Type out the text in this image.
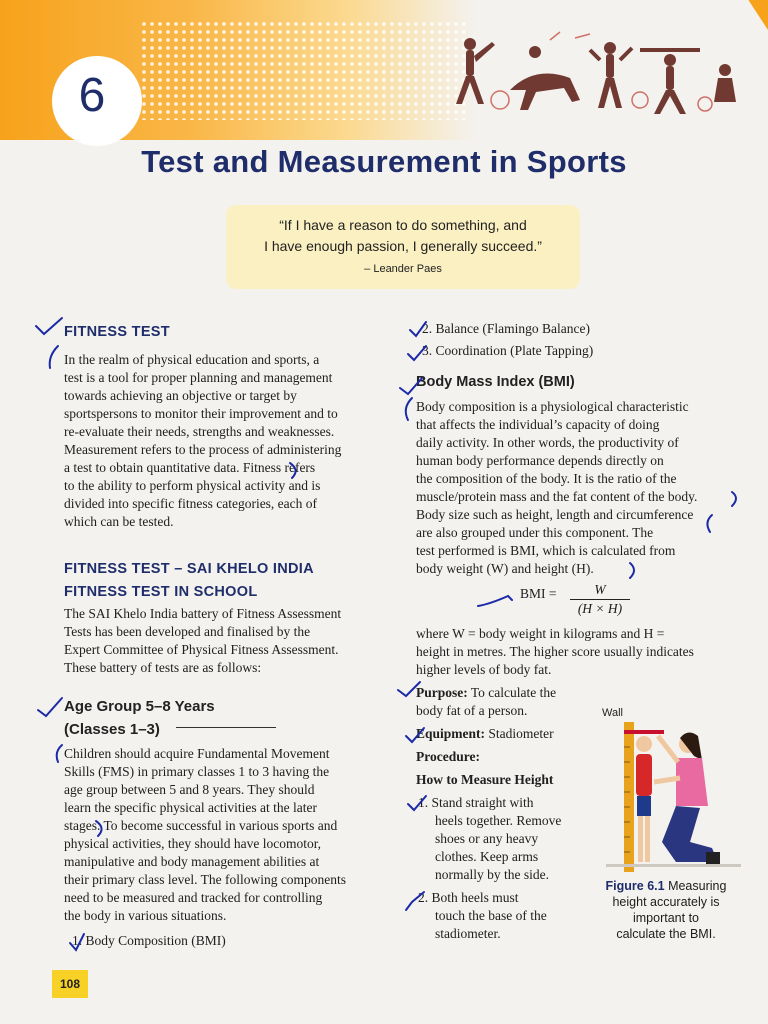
6
Test and Measurement in Sports
“If I have a reason to do something, and
I have enough passion, I generally succeed.”
– Leander Paes
FITNESS TEST
In the realm of physical education and sports, a
test is a tool for proper planning and management
towards achieving an objective or target by
sportspersons to monitor their improvement and to
re-evaluate their needs, strengths and weaknesses.
Measurement refers to the process of administering
a test to obtain quantitative data. Fitness refers
to the ability to perform physical activity and is
divided into specific fitness categories, each of
which can be tested.
FITNESS TEST – SAI KHELO INDIA
FITNESS TEST IN SCHOOL
The SAI Khelo India battery of Fitness Assessment
Tests has been developed and finalised by the
Expert Committee of Physical Fitness Assessment.
These battery of tests are as follows:
Age Group 5–8 Years
(Classes 1–3)
Children should acquire Fundamental Movement
Skills (FMS) in primary classes 1 to 3 having the
age group between 5 and 8 years. They should
learn the specific physical activities at the later
stages. To become successful in various sports and
physical activities, they should have locomotor,
manipulative and body management abilities at
their primary class level. The following components
need to be measured and tracked for controlling
the body in various situations.
1. Body Composition (BMI)
2. Balance (Flamingo Balance)
3. Coordination (Plate Tapping)
Body Mass Index (BMI)
Body composition is a physiological characteristic
that affects the individual’s capacity of doing
daily activity. In other words, the productivity of
human body performance depends directly on
the composition of the body. It is the ratio of the
muscle/protein mass and the fat content of the body.
Body size such as height, length and circumference
are also grouped under this component. The
test performed is BMI, which is calculated from
body weight (W) and height (H).
BMI = $\frac{W}{(H \times H)}$
where W = body weight in kilograms and H =
height in metres. The higher score usually indicates
higher levels of body fat.
Purpose: To calculate the
body fat of a person.
Equipment: Stadiometer
Procedure:
How to Measure Height
1. Stand straight with
heels together. Remove
shoes or any heavy
clothes. Keep arms
normally by the side.
2. Both heels must
touch the base of the
stadiometer.
Wall
Figure 6.1 Measuring
height accurately is
important to
calculate the BMI.
108
